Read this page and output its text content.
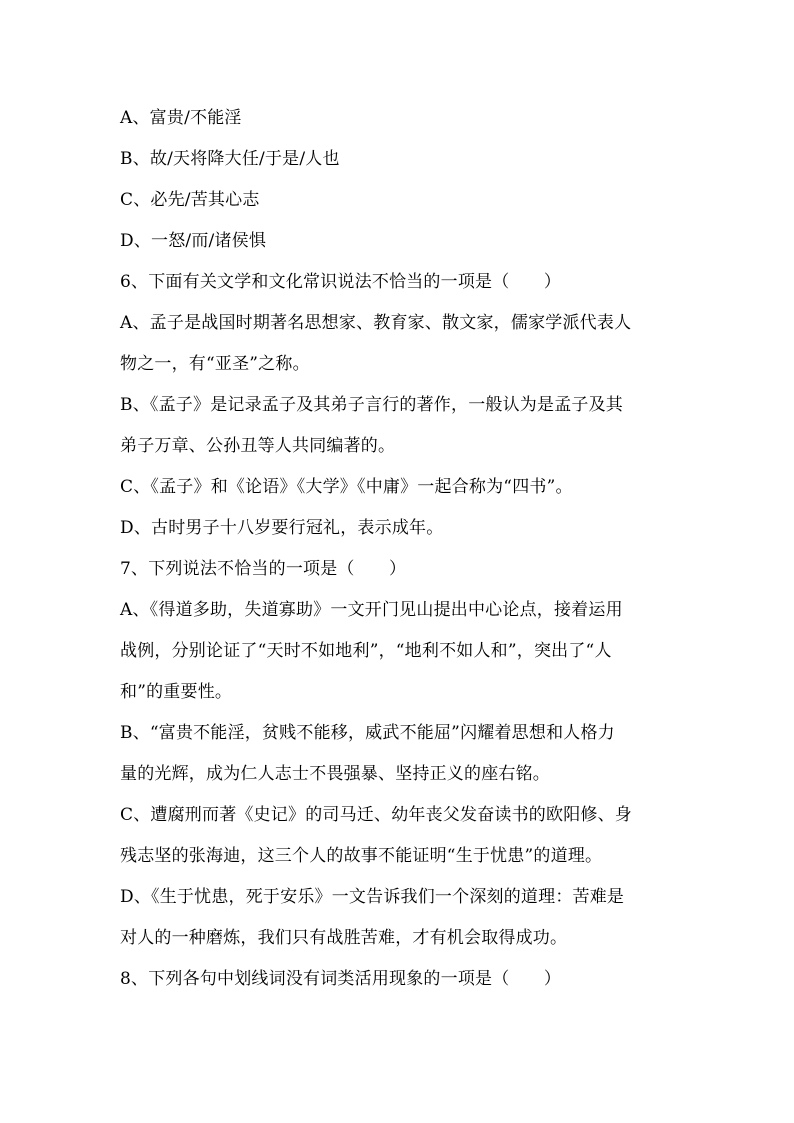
A、富贵/不能淫
B、故/天将降大任/于是/人也
C、必先/苦其心志
D、一怒/而/诸侯惧
6、下面有关文学和文化常识说法不恰当的一项是（　　）
A、孟子是战国时期著名思想家、教育家、散文家，儒家学派代表人
物之一，有“亚圣”之称。
B、《孟子》是记录孟子及其弟子言行的著作，一般认为是孟子及其
弟子万章、公孙丑等人共同编著的。
C、《孟子》和《论语》《大学》《中庸》一起合称为“四书”。
D、古时男子十八岁要行冠礼，表示成年。
7、下列说法不恰当的一项是（　　）
A、《得道多助，失道寡助》一文开门见山提出中心论点，接着运用
战例，分别论证了“天时不如地利”，“地利不如人和”，突出了“人
和”的重要性。
B、“富贵不能淫，贫贱不能移，威武不能屈”闪耀着思想和人格力
量的光辉，成为仁人志士不畏强暴、坚持正义的座右铭。
C、遭腐刑而著《史记》的司马迁、幼年丧父发奋读书的欧阳修、身
残志坚的张海迪，这三个人的故事不能证明“生于忧患”的道理。
D、《生于忧患，死于安乐》一文告诉我们一个深刻的道理：苦难是
对人的一种磨炼，我们只有战胜苦难，才有机会取得成功。
8、下列各句中划线词没有词类活用现象的一项是（　　）
